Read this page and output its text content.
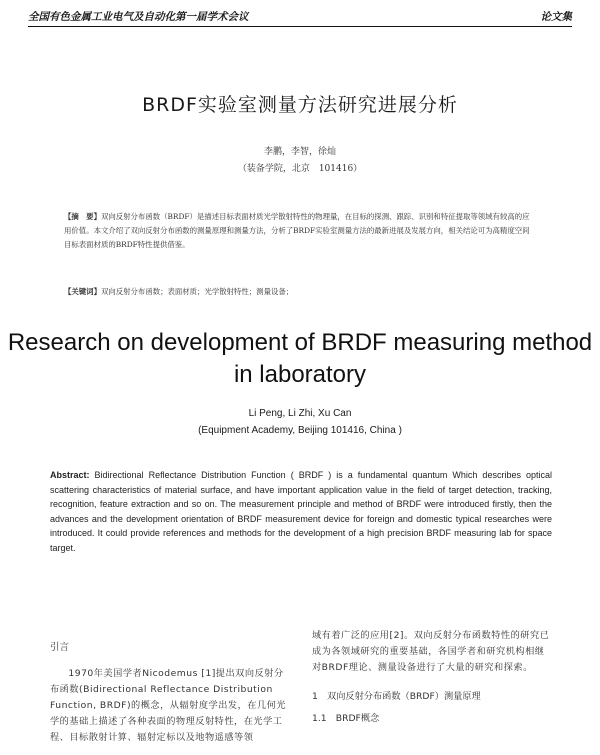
全国有色金属工业电气及自动化第一届学术会议	论文集
BRDF实验室测量方法研究进展分析
李鹏，李智，徐灿
（装备学院，北京　101416）
【摘　要】双向反射分布函数（BRDF）是描述目标表面材质光学散射特性的物理量，在目标的探测、跟踪、识别和特征提取等领域有较高的应用价值。本文介绍了双向反射分布函数的测量原理和测量方法，分析了BRDF实验室测量方法的最新进展及发展方向，相关结论可为高精度空间目标表面材质的BRDF特性提供借鉴。
【关键词】双向反射分布函数；表面材质；光学散射特性；测量设备；
Research on development of BRDF measuring method
in laboratory
Li Peng, Li Zhi, Xu Can
(Equipment Academy, Beijing 101416, China )
Abstract: Bidirectional Reflectance Distribution Function ( BRDF ) is a fundamental quantum Which describes optical scattering characteristics of material surface, and have important application value in the field of target detection, tracking, recognition, feature extraction and so on. The measurement principle and method of BRDF were introduced firstly, then the advances and the development orientation of BRDF measurement device for foreign and domestic typical researches were introduced. It could provide references and methods for the development of a high precision BRDF measuring lab for space target.

引言

1970年美国学者Nicodemus [1]提出双向反射分布函数(Bidirectional Reflectance Distribution Function, BRDF)的概念，从辐射度学出发，在几何光学的基础上描述了各种表面的物理反射特性，在光学工程、目标散射计算、辐射定标以及地物遥感等领

域有着广泛的应用[2]。双向反射分布函数特性的研究已成为各领域研究的重要基础，各国学者和研究机构相继对BRDF理论、测量设备进行了大量的研究和探索。

1　双向反射分布函数（BRDF）测量原理

1.1　BRDF概念
